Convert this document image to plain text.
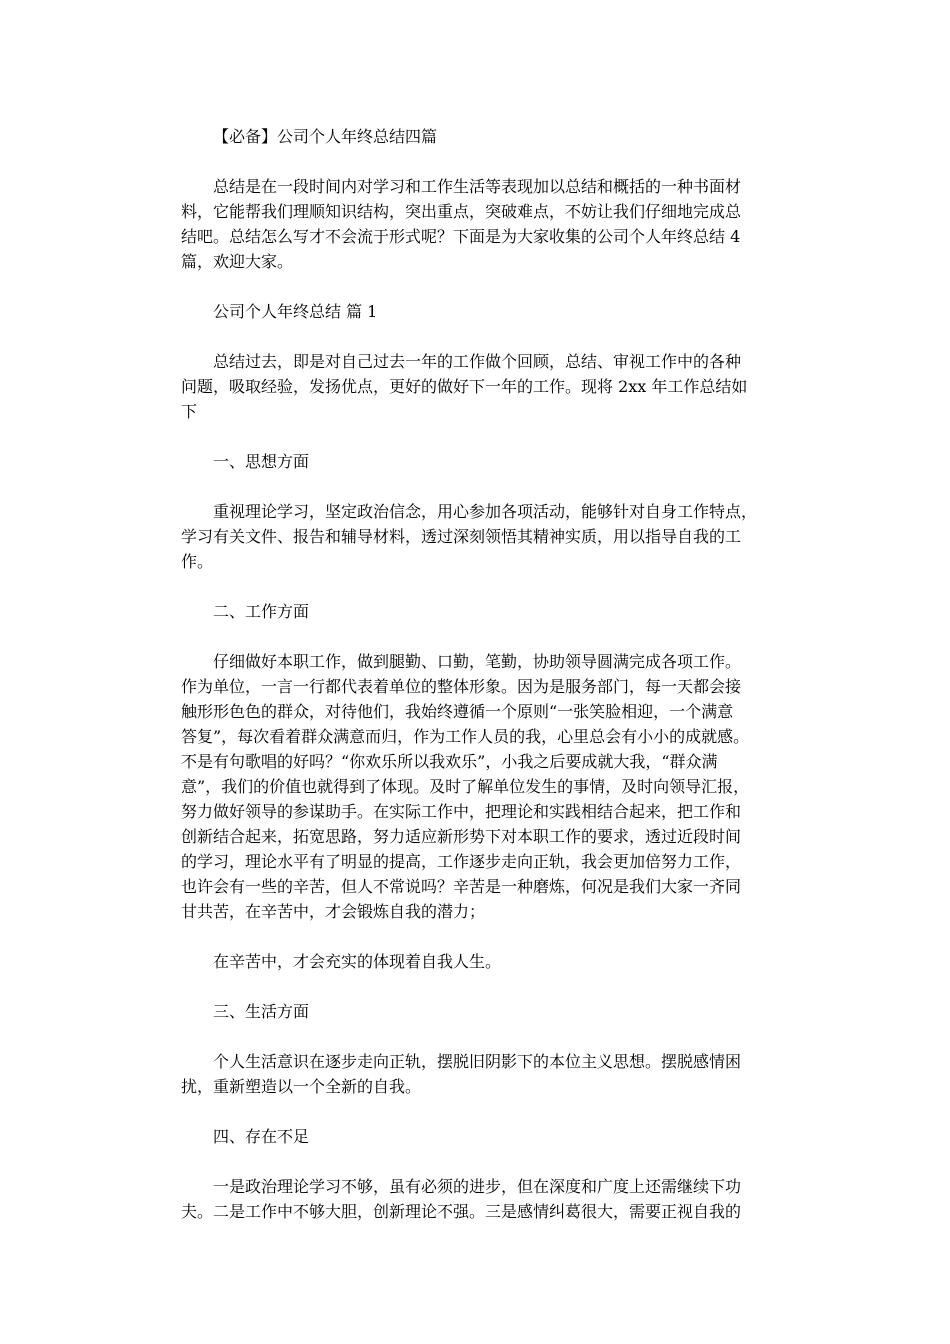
【必备】公司个人年终总结四篇

总结是在一段时间内对学习和工作生活等表现加以总结和概括的一种书面材

料，它能帮我们理顺知识结构，突出重点，突破难点，不妨让我们仔细地完成总

结吧。总结怎么写才不会流于形式呢？下面是为大家收集的公司个人年终总结 4

篇，欢迎大家。

公司个人年终总结 篇 1

总结过去，即是对自己过去一年的工作做个回顾，总结、审视工作中的各种

问题，吸取经验，发扬优点，更好的做好下一年的工作。现将 2xx 年工作总结如

下

一、思想方面

重视理论学习，坚定政治信念，用心参加各项活动，能够针对自身工作特点，

学习有关文件、报告和辅导材料，透过深刻领悟其精神实质，用以指导自我的工

作。

二、工作方面

仔细做好本职工作，做到腿勤、口勤，笔勤，协助领导圆满完成各项工作。

作为单位，一言一行都代表着单位的整体形象。因为是服务部门，每一天都会接

触形形色色的群众，对待他们，我始终遵循一个原则“一张笑脸相迎，一个满意

答复”，每次看着群众满意而归，作为工作人员的我，心里总会有小小的成就感。

不是有句歌唱的好吗？“你欢乐所以我欢乐”，小我之后要成就大我，“群众满

意”，我们的价值也就得到了体现。及时了解单位发生的事情，及时向领导汇报，

努力做好领导的参谋助手。在实际工作中，把理论和实践相结合起来，把工作和

创新结合起来，拓宽思路，努力适应新形势下对本职工作的要求，透过近段时间

的学习，理论水平有了明显的提高，工作逐步走向正轨，我会更加倍努力工作，

也许会有一些的辛苦，但人不常说吗？辛苦是一种磨炼，何况是我们大家一齐同

甘共苦，在辛苦中，才会锻炼自我的潜力；

在辛苦中，才会充实的体现着自我人生。

三、生活方面

个人生活意识在逐步走向正轨，摆脱旧阴影下的本位主义思想。摆脱感情困

扰，重新塑造以一个全新的自我。

四、存在不足

一是政治理论学习不够，虽有必须的进步，但在深度和广度上还需继续下功

夫。二是工作中不够大胆，创新理论不强。三是感情纠葛很大，需要正视自我的
